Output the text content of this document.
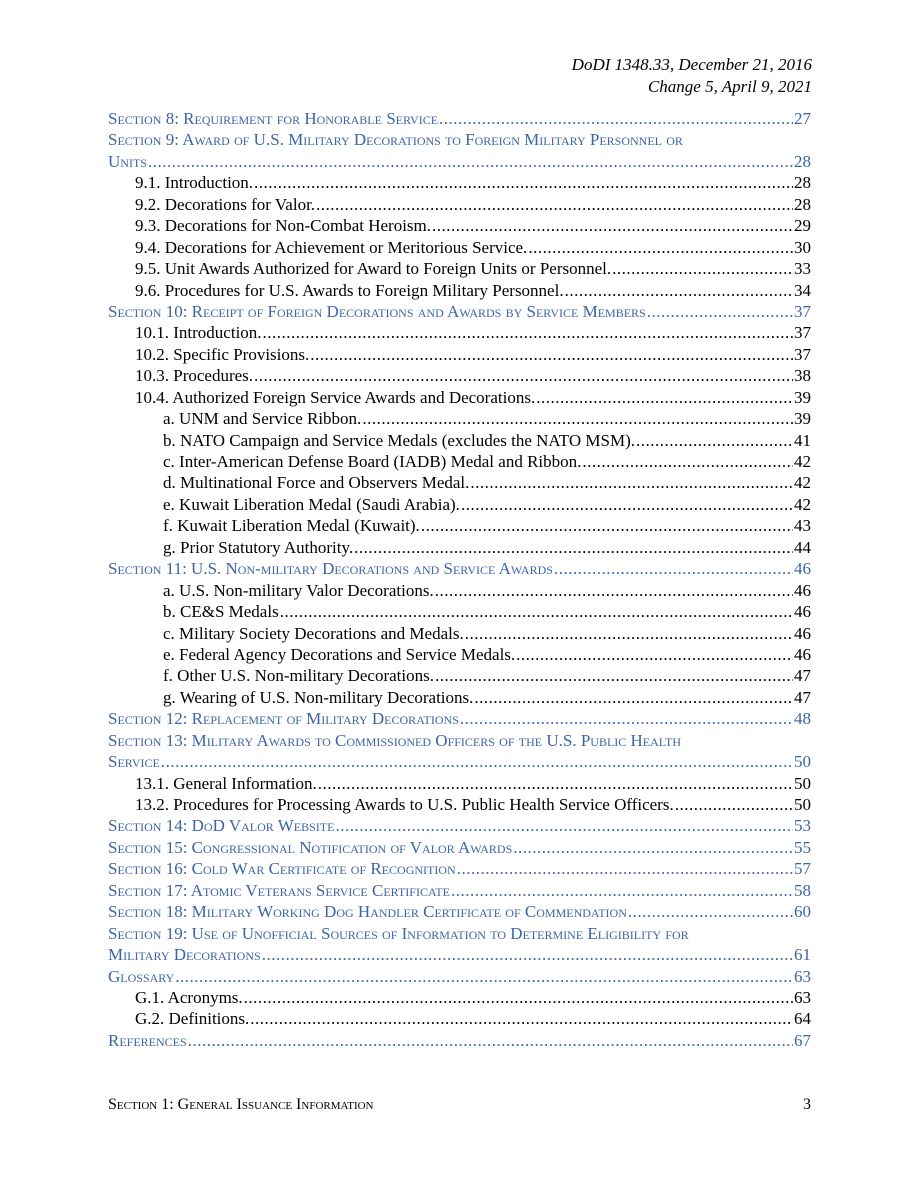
DoDI 1348.33, December 21, 2016
Change 5, April 9, 2021
Section 8: Requirement for Honorable Service .....	27
Section 9: Award of U.S. Military Decorations to Foreign Military Personnel or
Units .....	28
9.1. Introduction. .....	28
9.2. Decorations for Valor. .....	28
9.3. Decorations for Non-Combat Heroism. .....	29
9.4. Decorations for Achievement or Meritorious Service. .....	30
9.5. Unit Awards Authorized for Award to Foreign Units or Personnel. .....	33
9.6. Procedures for U.S. Awards to Foreign Military Personnel. .....	34
Section 10: Receipt of Foreign Decorations and Awards by Service Members .....	37
10.1. Introduction. .....	37
10.2. Specific Provisions. .....	37
10.3. Procedures. .....	38
10.4. Authorized Foreign Service Awards and Decorations. .....	39
a. UNM and Service Ribbon. .....	39
b. NATO Campaign and Service Medals (excludes the NATO MSM). .....	41
c. Inter-American Defense Board (IADB) Medal and Ribbon. .....	42
d. Multinational Force and Observers Medal. .....	42
e. Kuwait Liberation Medal (Saudi Arabia). .....	42
f. Kuwait Liberation Medal (Kuwait). .....	43
g. Prior Statutory Authority. .....	44
Section 11: U.S. Non-military Decorations and Service Awards .....	46
a. U.S. Non-military Valor Decorations. .....	46
b. CE&S Medals .....	46
c. Military Society Decorations and Medals. .....	46
e. Federal Agency Decorations and Service Medals. .....	46
f. Other U.S. Non-military Decorations. .....	47
g. Wearing of U.S. Non-military Decorations. .....	47
Section 12: Replacement of Military Decorations .....	48
Section 13: Military Awards to Commissioned Officers of the U.S. Public Health
Service .....	50
13.1. General Information. .....	50
13.2. Procedures for Processing Awards to U.S. Public Health Service Officers. .....	50
Section 14: DoD Valor Website .....	53
Section 15: Congressional Notification of Valor Awards .....	55
Section 16: Cold War Certificate of Recognition .....	57
Section 17: Atomic Veterans Service Certificate .....	58
Section 18: Military Working Dog Handler Certificate of Commendation .....	60
Section 19: Use of Unofficial Sources of Information to Determine Eligibility for
Military Decorations .....	61
Glossary .....	63
G.1. Acronyms. .....	63
G.2. Definitions. .....	64
References .....	67
Section 1: General Issuance Information	3
